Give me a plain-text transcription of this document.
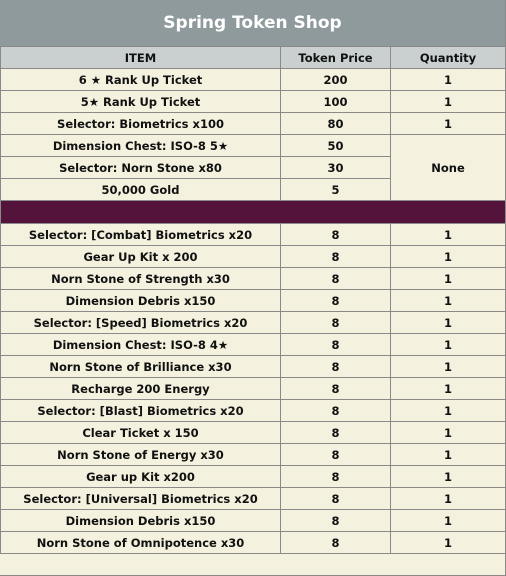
Spring Token Shop
ITEM	Token Price	Quantity
6 ★ Rank Up Ticket	200	1
5★ Rank Up Ticket	100	1
Selector: Biometrics x100	80	1
Dimension Chest: ISO-8 5★	50	None
Selector: Norn Stone x80	30	
50,000 Gold	5	

Selector: [Combat] Biometrics x20	8	1
Gear Up Kit x 200	8	1
Norn Stone of Strength x30	8	1
Dimension Debris x150	8	1
Selector: [Speed] Biometrics x20	8	1
Dimension Chest: ISO-8 4★	8	1
Norn Stone of Brilliance x30	8	1
Recharge 200 Energy	8	1
Selector: [Blast] Biometrics x20	8	1
Clear Ticket x 150	8	1
Norn Stone of Energy x30	8	1
Gear up Kit x200	8	1
Selector: [Universal] Biometrics x20	8	1
Dimension Debris x150	8	1
Norn Stone of Omnipotence x30	8	1
